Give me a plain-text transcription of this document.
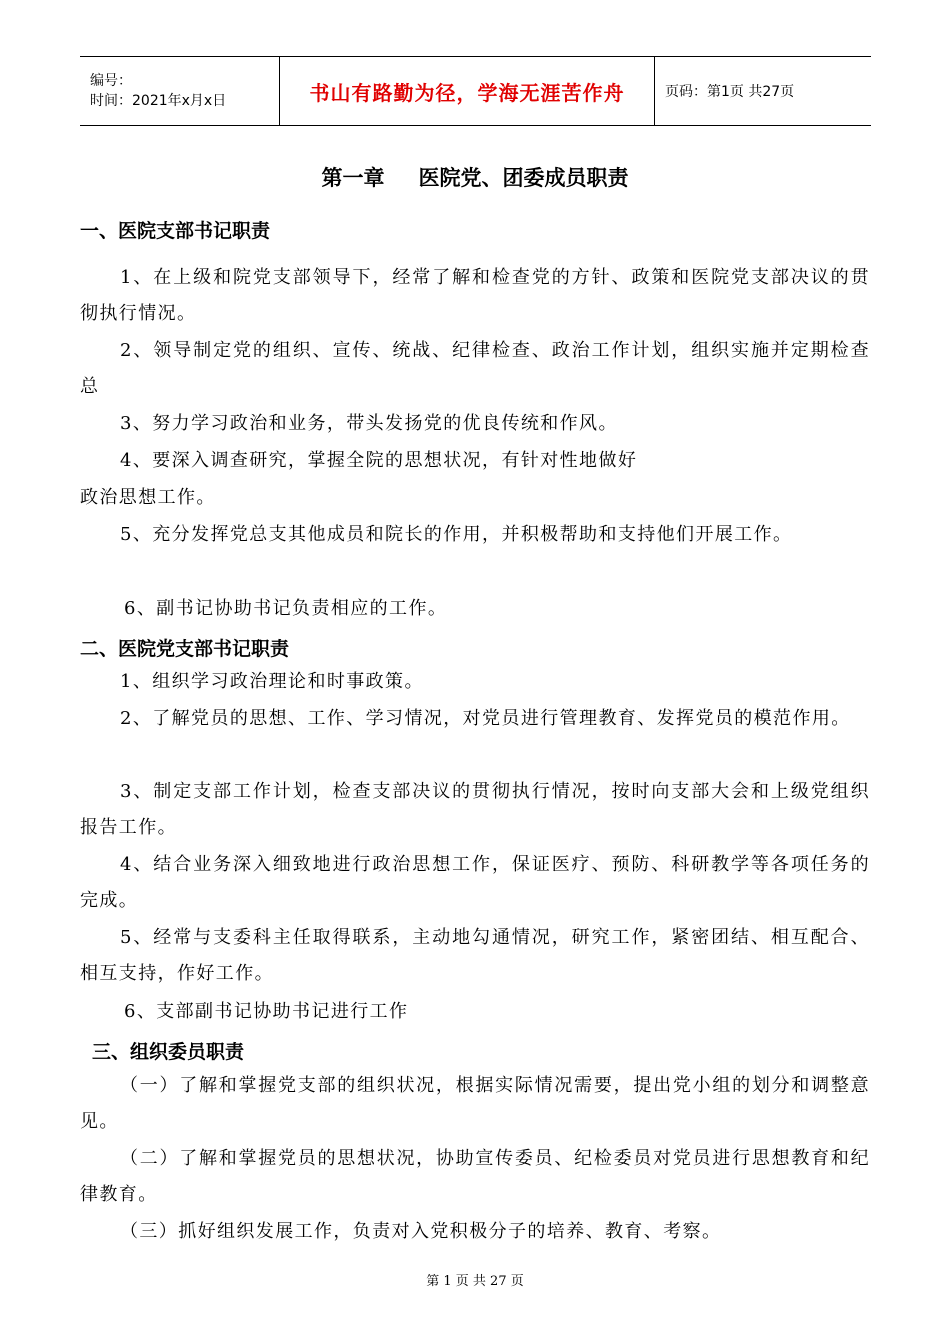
编号：
时间：2021年x月x日	书山有路勤为径，学海无涯苦作舟	页码：第1页 共27页
第一章 医院党、团委成员职责
一、医院支部书记职责
1、在上级和院党支部领导下，经常了解和检查党的方针、政策和医院党支部决议的贯彻执行情况。
2、领导制定党的组织、宣传、统战、纪律检查、政治工作计划，组织实施并定期检查总
3、努力学习政治和业务，带头发扬党的优良传统和作风。
4、要深入调查研究，掌握全院的思想状况，有针对性地做好
政治思想工作。
5、充分发挥党总支其他成员和院长的作用，并积极帮助和支持他们开展工作。
6、副书记协助书记负责相应的工作。
二、医院党支部书记职责
1、组织学习政治理论和时事政策。
2、了解党员的思想、工作、学习情况，对党员进行管理教育、发挥党员的模范作用。
3、制定支部工作计划，检查支部决议的贯彻执行情况，按时向支部大会和上级党组织报告工作。
4、结合业务深入细致地进行政治思想工作，保证医疗、预防、科研教学等各项任务的完成。
5、经常与支委科主任取得联系，主动地勾通情况，研究工作，紧密团结、相互配合、相互支持，作好工作。
6、支部副书记协助书记进行工作
三、组织委员职责
（一）了解和掌握党支部的组织状况，根据实际情况需要，提出党小组的划分和调整意见。
（二）了解和掌握党员的思想状况，协助宣传委员、纪检委员对党员进行思想教育和纪律教育。
（三）抓好组织发展工作，负责对入党积极分子的培养、教育、考察。
第 1 页 共 27 页
